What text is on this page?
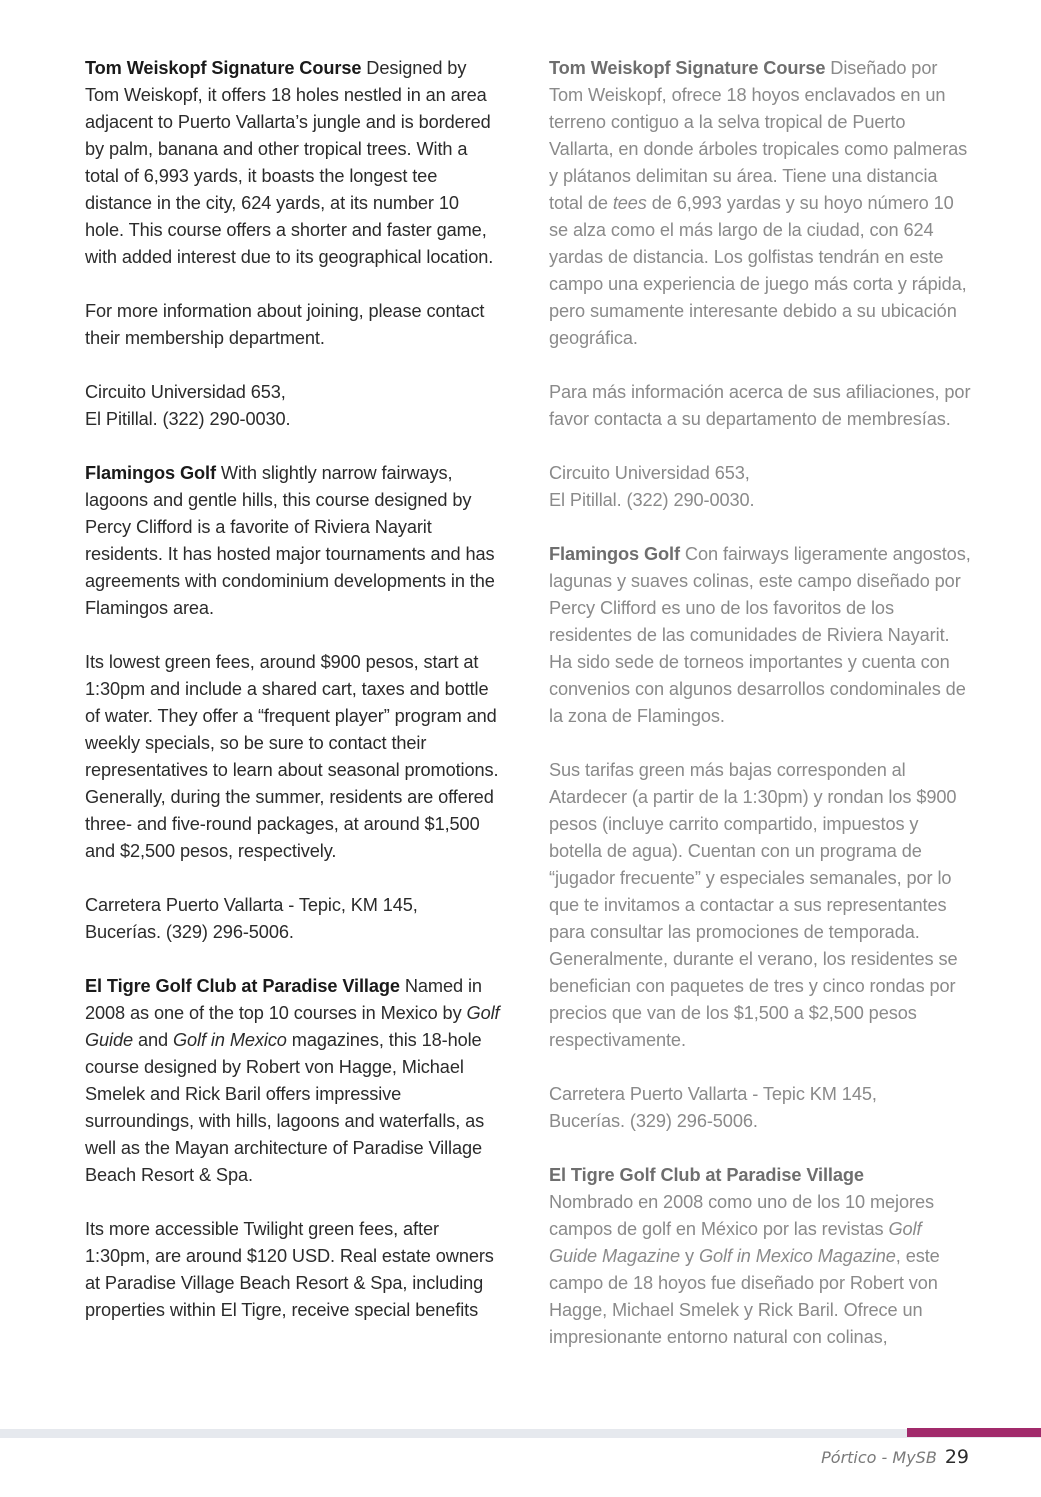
Tom Weiskopf Signature Course Designed by Tom Weiskopf, it offers 18 holes nestled in an area adjacent to Puerto Vallarta’s jungle and is bordered by palm, banana and other tropical trees. With a total of 6,993 yards, it boasts the longest tee distance in the city, 624 yards, at its number 10 hole. This course offers a shorter and faster game, with added interest due to its geographical location.

For more information about joining, please contact their membership department.

Circuito Universidad 653,
El Pitillal. (322) 290-0030.

Flamingos Golf With slightly narrow fairways, lagoons and gentle hills, this course designed by Percy Clifford is a favorite of Riviera Nayarit residents. It has hosted major tournaments and has agreements with condominium developments in the Flamingos area.

Its lowest green fees, around $900 pesos, start at 1:30pm and include a shared cart, taxes and bottle of water. They offer a “frequent player” program and weekly specials, so be sure to contact their representatives to learn about seasonal promotions. Generally, during the summer, residents are offered three- and five-round packages, at around $1,500 and $2,500 pesos, respectively.

Carretera Puerto Vallarta - Tepic, KM 145,
Bucerías. (329) 296-5006.

El Tigre Golf Club at Paradise Village Named in 2008 as one of the top 10 courses in Mexico by Golf Guide and Golf in Mexico magazines, this 18-hole course designed by Robert von Hagge, Michael Smelek and Rick Baril offers impressive surroundings, with hills, lagoons and waterfalls, as well as the Mayan architecture of Paradise Village Beach Resort & Spa.

Its more accessible Twilight green fees, after 1:30pm, are around $120 USD. Real estate owners at Paradise Village Beach Resort & Spa, including properties within El Tigre, receive special benefits

Tom Weiskopf Signature Course Diseñado por Tom Weiskopf, ofrece 18 hoyos enclavados en un terreno contiguo a la selva tropical de Puerto Vallarta, en donde árboles tropicales como palmeras y plátanos delimitan su área. Tiene una distancia total de tees de 6,993 yardas y su hoyo número 10 se alza como el más largo de la ciudad, con 624 yardas de distancia. Los golfistas tendrán en este campo una experiencia de juego más corta y rápida, pero sumamente interesante debido a su ubicación geográfica.

Para más información acerca de sus afiliaciones, por favor contacta a su departamento de membresías.

Circuito Universidad 653,
El Pitillal. (322) 290-0030.

Flamingos Golf Con fairways ligeramente angostos, lagunas y suaves colinas, este campo diseñado por Percy Clifford es uno de los favoritos de los residentes de las comunidades de Riviera Nayarit. Ha sido sede de torneos importantes y cuenta con convenios con algunos desarrollos condominales de la zona de Flamingos.

Sus tarifas green más bajas corresponden al Atardecer (a partir de la 1:30pm) y rondan los $900 pesos (incluye carrito compartido, impuestos y botella de agua). Cuentan con un programa de “jugador frecuente” y especiales semanales, por lo que te invitamos a contactar a sus representantes para consultar las promociones de temporada. Generalmente, durante el verano, los residentes se benefician con paquetes de tres y cinco rondas por precios que van de los $1,500 a $2,500 pesos respectivamente.

Carretera Puerto Vallarta - Tepic KM 145,
Bucerías. (329) 296-5006.

El Tigre Golf Club at Paradise Village
Nombrado en 2008 como uno de los 10 mejores campos de golf en México por las revistas Golf Guide Magazine y Golf in Mexico Magazine, este campo de 18 hoyos fue diseñado por Robert von Hagge, Michael Smelek y Rick Baril. Ofrece un impresionante entorno natural con colinas,

Pórtico - MySB 29
